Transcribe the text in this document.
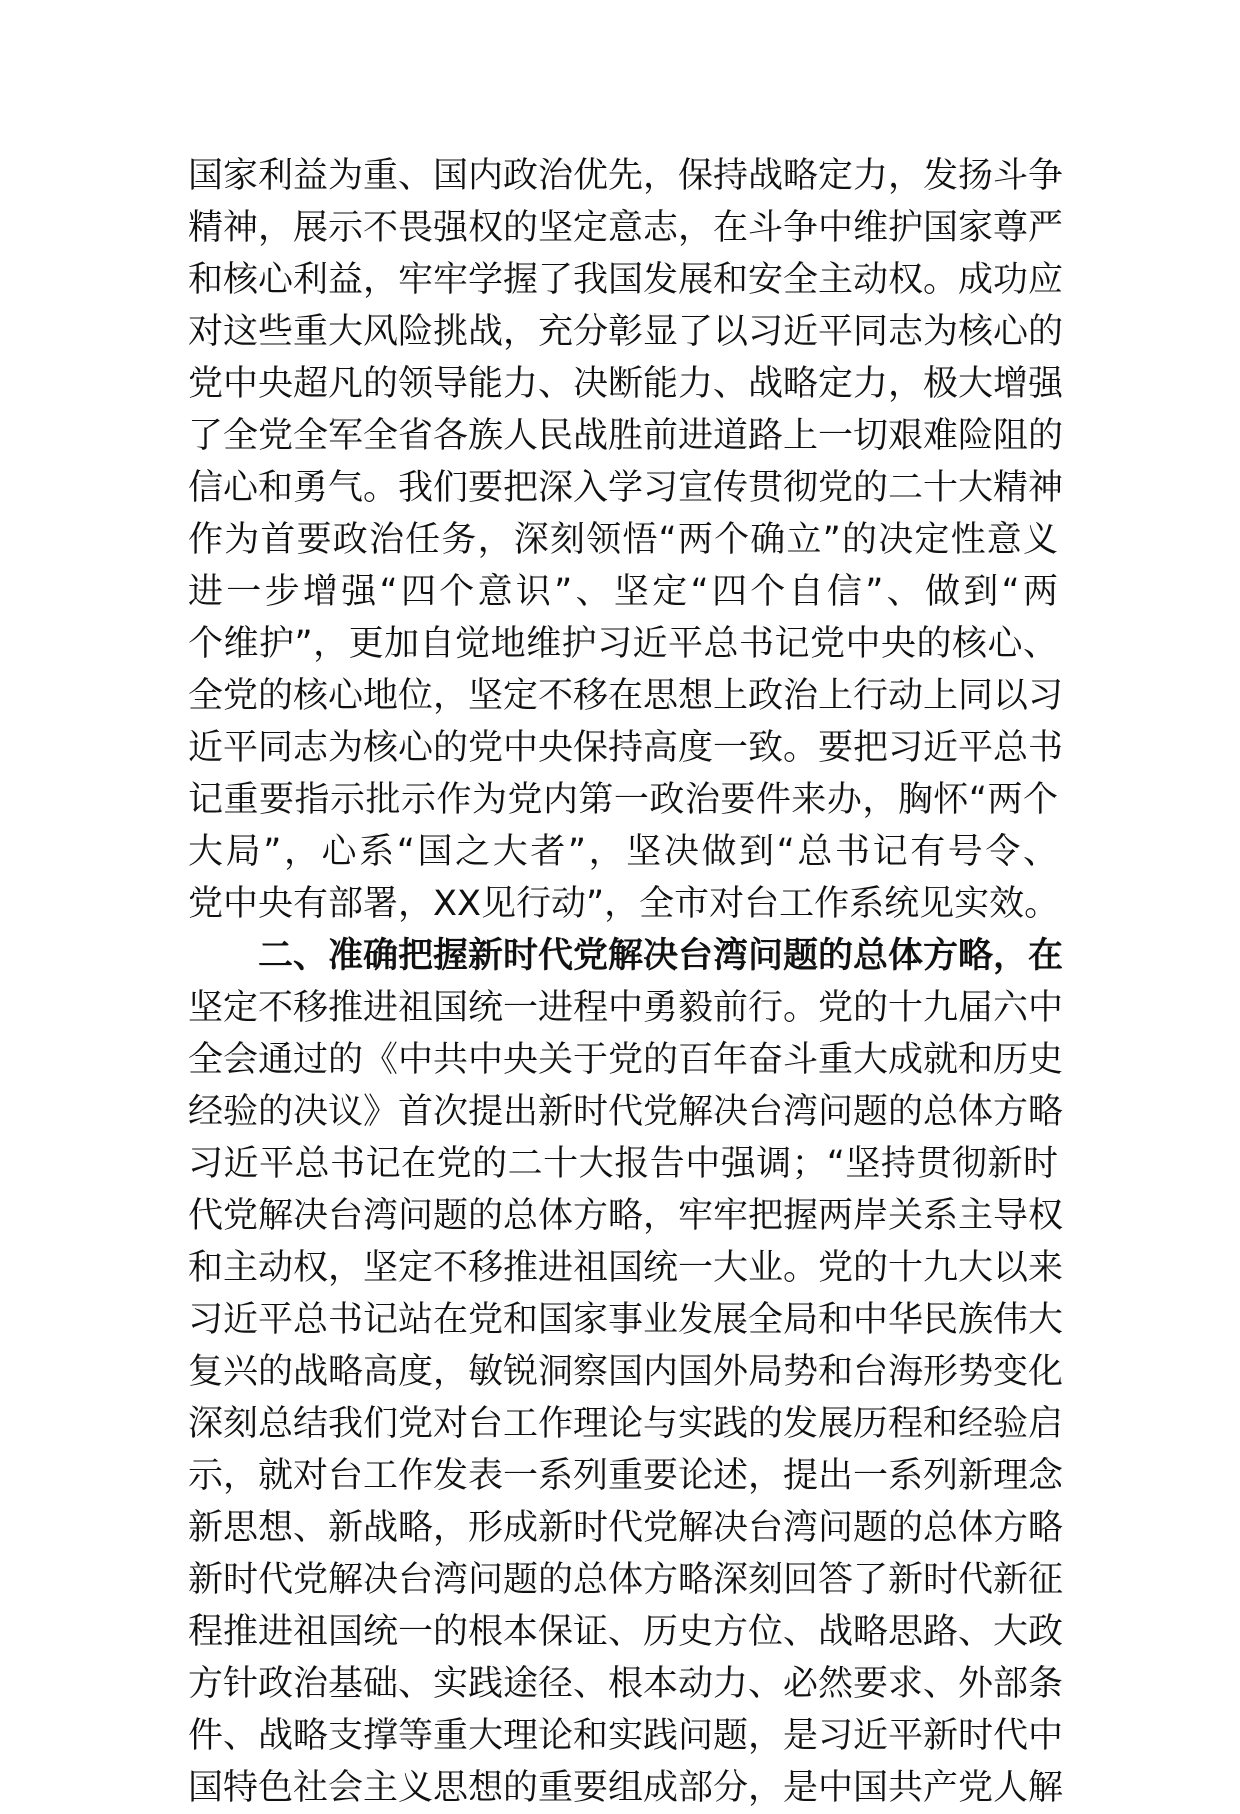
国家利益为重、国内政治优先，保持战略定力，发扬斗争
精神，展示不畏强权的坚定意志，在斗争中维护国家尊严
和核心利益，牢牢学握了我国发展和安全主动权。成功应
对这些重大风险挑战，充分彰显了以习近平同志为核心的
党中央超凡的领导能力、决断能力、战略定力，极大增强
了全党全军全省各族人民战胜前进道路上一切艰难险阻的
信心和勇气。我们要把深入学习宣传贯彻党的二十大精神
作为首要政治任务，深刻领悟“两个确立”的决定性意义
进一步增强“四个意识”、坚定“四个自信”、做到“两
个维护”，更加自觉地维护习近平总书记党中央的核心、
全党的核心地位，坚定不移在思想上政治上行动上同以习
近平同志为核心的党中央保持高度一致。要把习近平总书
记重要指示批示作为党内第一政治要件来办，胸怀“两个
大局”，心系“国之大者”，坚决做到“总书记有号令、
党中央有部署，XX见行动”，全市对台工作系统见实效。
二、准确把握新时代党解决台湾问题的总体方略，在
坚定不移推进祖国统一进程中勇毅前行。党的十九届六中
全会通过的《中共中央关于党的百年奋斗重大成就和历史
经验的决议》首次提出新时代党解决台湾问题的总体方略
习近平总书记在党的二十大报告中强调；“坚持贯彻新时
代党解决台湾问题的总体方略，牢牢把握两岸关系主导权
和主动权，坚定不移推进祖国统一大业。党的十九大以来
习近平总书记站在党和国家事业发展全局和中华民族伟大
复兴的战略高度，敏锐洞察国内国外局势和台海形势变化
深刻总结我们党对台工作理论与实践的发展历程和经验启
示，就对台工作发表一系列重要论述，提出一系列新理念
新思想、新战略，形成新时代党解决台湾问题的总体方略
新时代党解决台湾问题的总体方略深刻回答了新时代新征
程推进祖国统一的根本保证、历史方位、战略思路、大政
方针政治基础、实践途径、根本动力、必然要求、外部条
件、战略支撑等重大理论和实践问题，是习近平新时代中
国特色社会主义思想的重要组成部分，是中国共产党人解
